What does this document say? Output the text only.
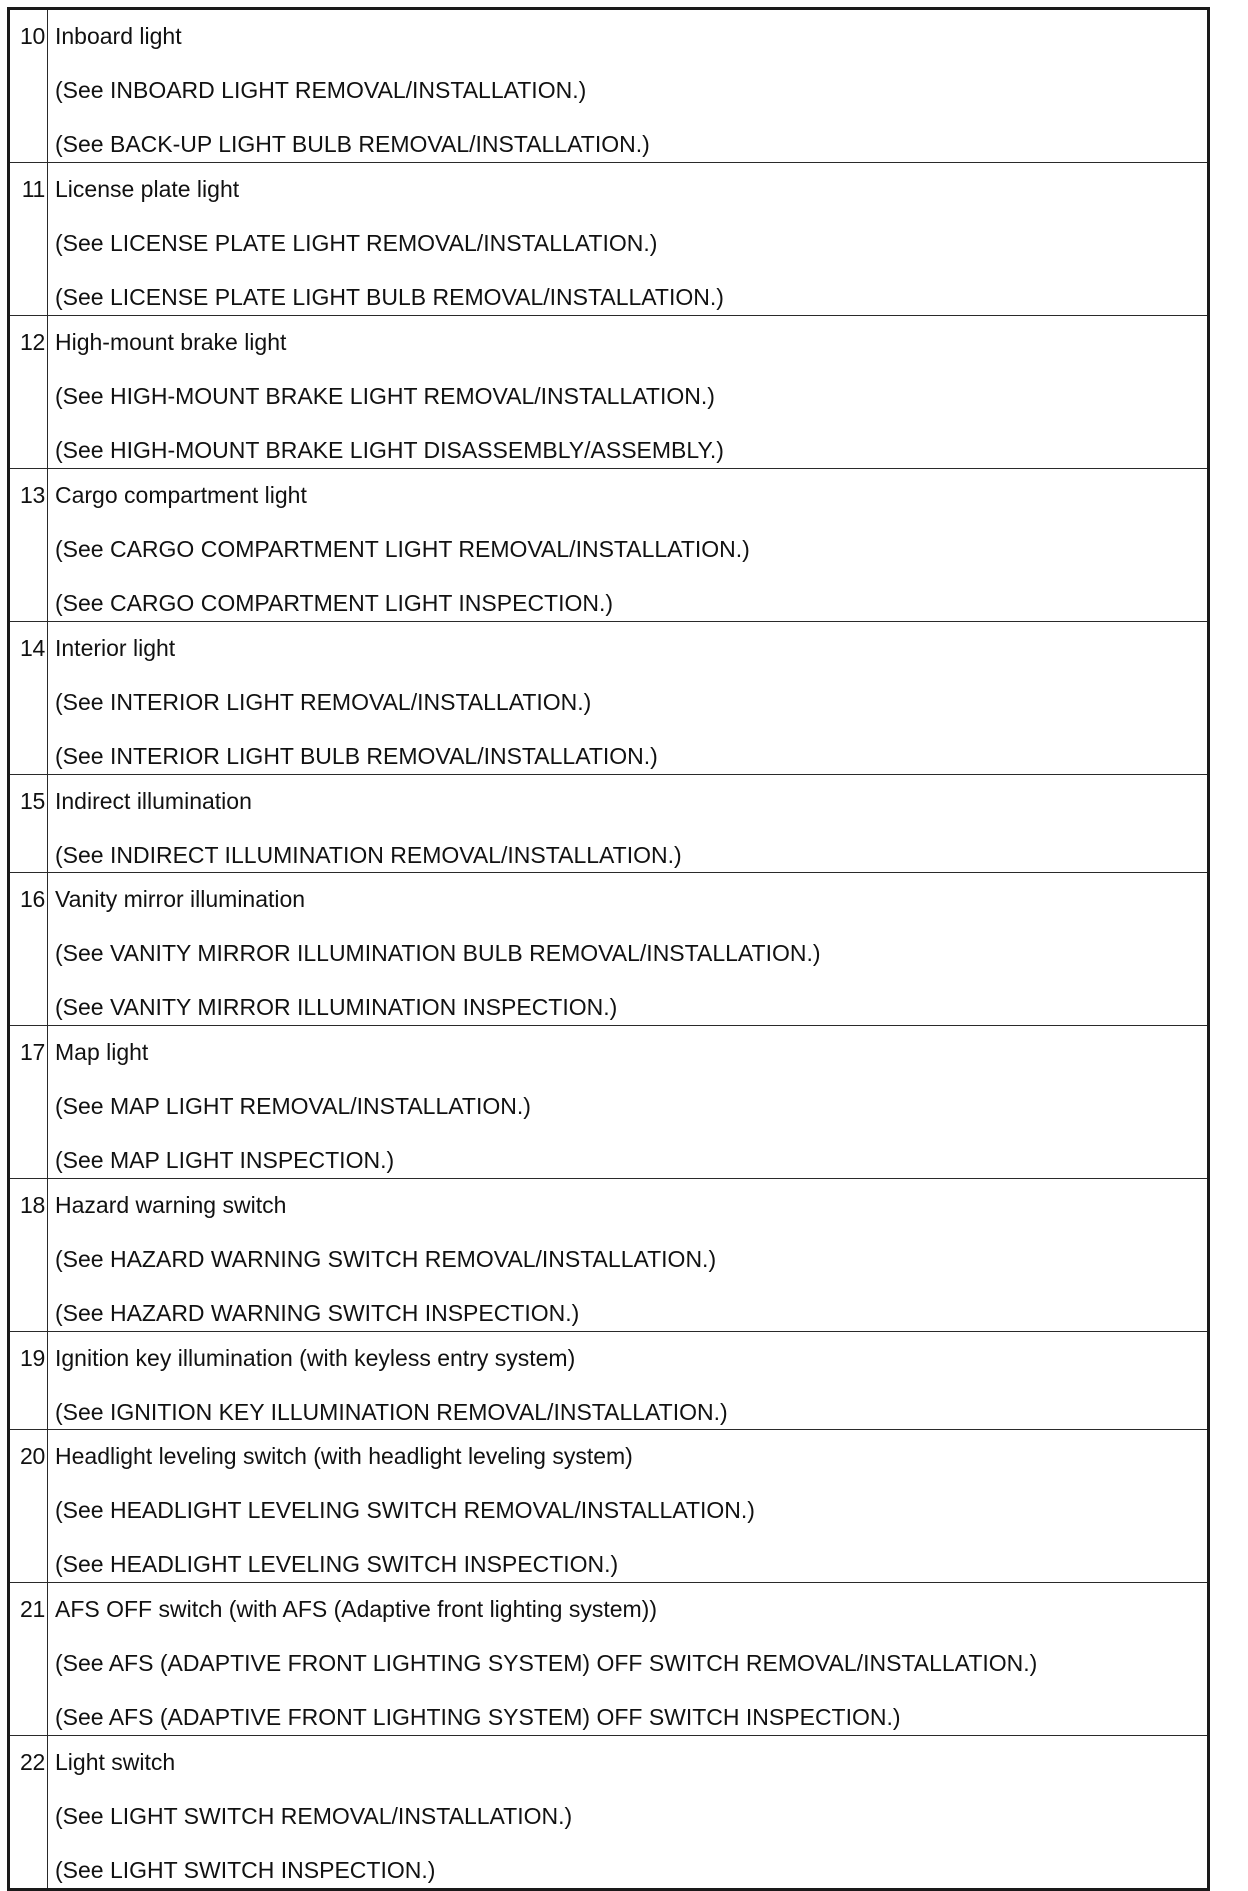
10	Inboard light
(See INBOARD LIGHT REMOVAL/INSTALLATION.)
(See BACK-UP LIGHT BULB REMOVAL/INSTALLATION.)

11	License plate light
(See LICENSE PLATE LIGHT REMOVAL/INSTALLATION.)
(See LICENSE PLATE LIGHT BULB REMOVAL/INSTALLATION.)

12	High-mount brake light
(See HIGH-MOUNT BRAKE LIGHT REMOVAL/INSTALLATION.)
(See HIGH-MOUNT BRAKE LIGHT DISASSEMBLY/ASSEMBLY.)

13	Cargo compartment light
(See CARGO COMPARTMENT LIGHT REMOVAL/INSTALLATION.)
(See CARGO COMPARTMENT LIGHT INSPECTION.)

14	Interior light
(See INTERIOR LIGHT REMOVAL/INSTALLATION.)
(See INTERIOR LIGHT BULB REMOVAL/INSTALLATION.)

15	Indirect illumination
(See INDIRECT ILLUMINATION REMOVAL/INSTALLATION.)

16	Vanity mirror illumination
(See VANITY MIRROR ILLUMINATION BULB REMOVAL/INSTALLATION.)
(See VANITY MIRROR ILLUMINATION INSPECTION.)

17	Map light
(See MAP LIGHT REMOVAL/INSTALLATION.)
(See MAP LIGHT INSPECTION.)

18	Hazard warning switch
(See HAZARD WARNING SWITCH REMOVAL/INSTALLATION.)
(See HAZARD WARNING SWITCH INSPECTION.)

19	Ignition key illumination (with keyless entry system)
(See IGNITION KEY ILLUMINATION REMOVAL/INSTALLATION.)

20	Headlight leveling switch (with headlight leveling system)
(See HEADLIGHT LEVELING SWITCH REMOVAL/INSTALLATION.)
(See HEADLIGHT LEVELING SWITCH INSPECTION.)

21	AFS OFF switch (with AFS (Adaptive front lighting system))
(See AFS (ADAPTIVE FRONT LIGHTING SYSTEM) OFF SWITCH REMOVAL/INSTALLATION.)
(See AFS (ADAPTIVE FRONT LIGHTING SYSTEM) OFF SWITCH INSPECTION.)

22	Light switch
(See LIGHT SWITCH REMOVAL/INSTALLATION.)
(See LIGHT SWITCH INSPECTION.)
